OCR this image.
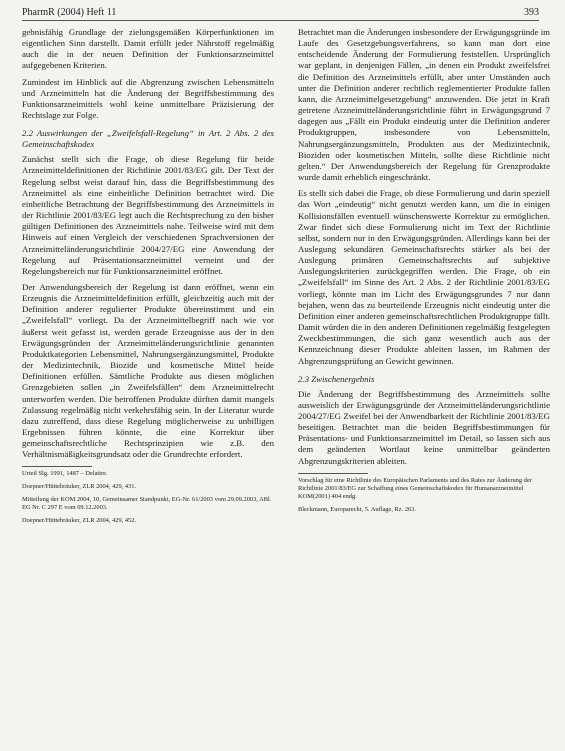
PharmR (2004) Heft 11	393

gebnisfähig Grundlage der zielungsgemäßen Körperfunktionen im eigentlichen Sinn darstellt. Damit erfüllt jeder Nährstoff regelmäßig auch die in der neuen Definition der Funktionsarzneimittel aufgegebenen Kriterien.

Zumindest im Hinblick auf die Abgrenzung zwischen Lebensmitteln und Arzneimitteln hat die Änderung der Begriffsbestimmung des Funktionsarzneimittels wohl keine unmittelbare Präzisierung der Rechtslage zur Folge.

2.2 Auswirkungen der „Zweifelsfall-Regelung“ in Art. 2 Abs. 2 des Gemeinschaftskodex

Zunächst stellt sich die Frage, ob diese Regelung für beide Arzneimitteldefinitionen der Richtlinie 2001/83/EG gilt. Der Text der Regelung selbst weist darauf hin, dass die Begriffsbestimmung des Arzneimittel als eine einheitliche Definition betrachtet wird. Die einheitliche Betrachtung der Begriffsbestimmung des Arzneimittels in der Richtlinie 2001/83/EG legt auch die Rechtsprechung zu den bisher gültigen Definitionen des Arzneimittels nahe. Teilweise wird mit dem Hinweis auf einen Vergleich der verschiedenen Sprachversionen der Arzneimitteländerungsrichtlinie 2004/27/EG eine Anwendung der Regelung auf Präsentationsarzneimittel verneint und der Regelungsbereich nur für Funktionsarzneimittel eröffnet.

Der Anwendungsbereich der Regelung ist dann eröffnet, wenn ein Erzeugnis die Arzneimitteldefinition erfüllt, gleichzeitig auch mit der Definition anderer regulierter Produkte übereinstimmt und ein „Zweifelsfall“ vorliegt. Da der Arzneimittelbegriff nach wie vor äußerst weit gefasst ist, werden gerade Erzeugnisse aus der in den Erwägungsgründen der Arzneimitteländerungsrichtlinie genannten Produktkategorien Lebensmittel, Nahrungsergänzungsmittel, Produkte der Medizintechnik, Biozide und kosmetische Mittel beide Definitionen erfüllen. Sämtliche Produkte aus diesen möglichen Grenzgebieten sollen „in Zweifelsfällen“ dem Arzneimittelrecht unterworfen werden. Die betroffenen Produkte dürften damit mangels Zulassung regelmäßig nicht verkehrsfähig sein. In der Literatur wurde dazu zutreffend, dass diese Regelung möglicherweise zu unbilligen Ergebnissen führen könnte, die eine Korrektur über gemeinschaftsrechtliche Rechtsprinzipien wie z.B. den Verhältnismäßigkeitsgrundsatz oder die Grundrechte erfordert.

Urteil Slg. 1991, 1487 – Delattre.

Doepner/Hüttebräuker, ZLR 2004, 429, 431.

Mitteilung der KOM 2004, 10, Gemeinsamer Standpunkt, EG-Nr. 61/2003 vom 29.09.2003, ABl. EG Nr. C 297 E vom 09.12.2003.

Doepner/Hüttebräuker, ZLR 2004, 429, 452.

Betrachtet man die Änderungen insbesondere der Erwägungsgründe im Laufe des Gesetzgebungsverfahrens, so kann man dort eine entscheidende Änderung der Formulierung feststellen. Ursprünglich war geplant, in denjenigen Fällen, „in denen ein Produkt zweifelsfrei die Definition des Arzneimittels erfüllt, aber unter Umständen auch unter die Definition anderer rechtlich reglementierter Produkte fallen kann, die Arzneimittelgesetzgebung“ anzuwenden. Die jetzt in Kraft getretene Arzneimitteländerungsrichtlinie führt in Erwägungsgrund 7 dagegen aus „Fällt ein Produkt eindeutig unter die Definition anderer Produktgruppen, insbesondere von Lebensmitteln, Nahrungsergänzungsmitteln, Produkten aus der Medizintechnik, Bioziden oder kosmetischen Mitteln, sollte diese Richtlinie nicht gelten.“ Der Anwendungsbereich der Regelung für Grenzprodukte wurde damit erheblich eingeschränkt.

Es stellt sich dabei die Frage, ob diese Formulierung und darin speziell das Wort „eindeutig“ nicht genutzt werden kann, um die in einigen Kollisionsfällen eventuell wünschenswerte Korrektur zu ermöglichen. Zwar findet sich diese Formulierung nicht im Text der Richtlinie selbst, sondern nur in den Erwägungsgründen. Allerdings kann bei der Auslegung sekundären Gemeinschaftsrechts stärker als bei der Auslegung primären Gemeinschaftsrechts auf subjektive Auslegungskriterien zurückgegriffen werden. Die Frage, ob ein „Zweifelsfall“ im Sinne des Art. 2 Abs. 2 der Richtlinie 2001/83/EG vorliegt, könnte man im Licht des Erwägungsgrundes 7 nur dann bejahen, wenn das zu beurteilende Erzeugnis nicht eindeutig unter die Definition einer anderen gemeinschaftsrechtlichen Produktgruppe fällt. Damit würden die in den anderen Definitionen regelmäßig festgelegten Zweckbestimmungen, die sich ganz wesentlich auch aus der Kennzeichnung dieser Produkte ableiten lassen, im Rahmen der Abgrenzungsprüfung an Gewicht gewinnen.

2.3 Zwischenergebnis

Die Änderung der Begriffsbestimmung des Arzneimittels sollte ausweislich der Erwägungsgründe der Arzneimitteländerungsrichtlinie 2004/27/EG Zweifel bei der Anwendbarkeit der Richtlinie 2001/83/EG beseitigen. Betrachtet man die beiden Begriffsbestimmungen für Präsentations- und Funktionsarzneimittel im Detail, so lassen sich aus dem geänderten Wortlaut keine unmittelbar geänderten Abgrenzungskriterien ableiten.

Vorschlag für eine Richtlinie des Europäischen Parlaments und des Rates zur Änderung der Richtlinie 2001/83/EG zur Schaffung eines Gemeinschaftskodex für Humanarzneimittel KOM(2001) 404 endg.

Bleckmann, Europarecht, 5. Auflage, Rz. 263.
